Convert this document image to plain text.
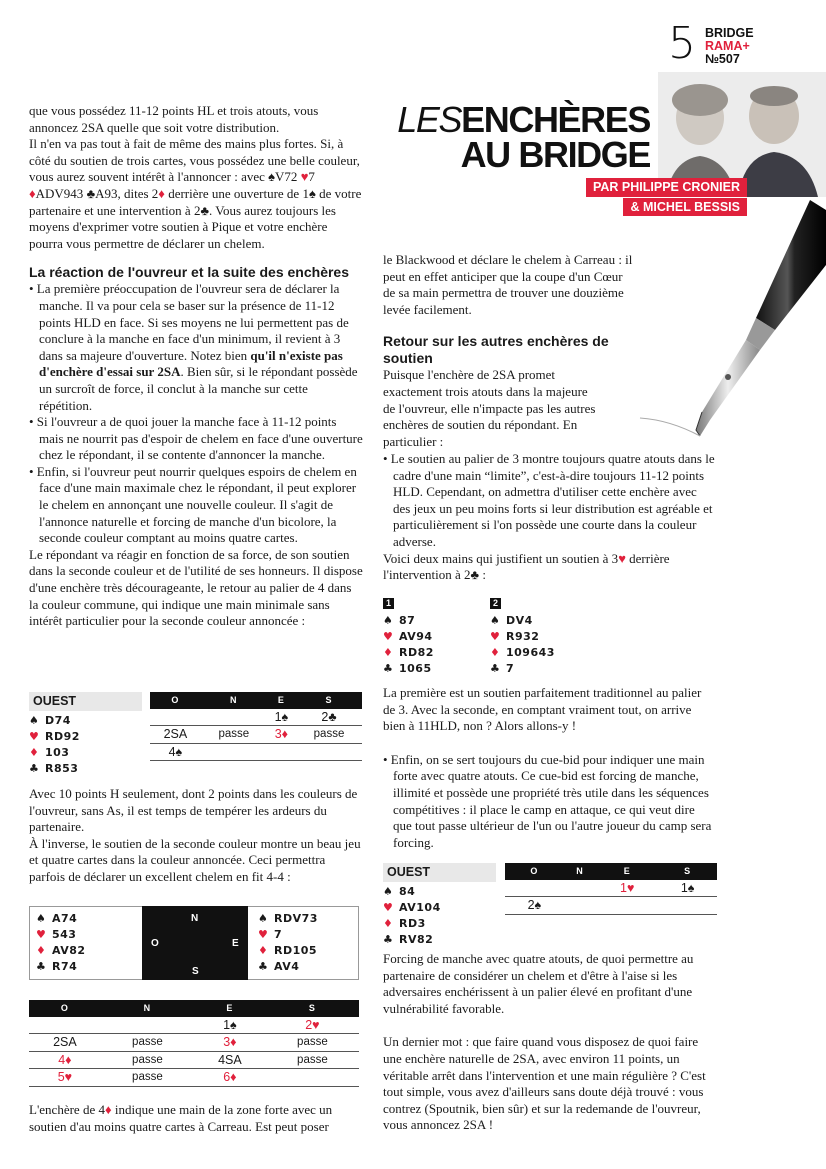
5 BRIDGE
RAMA+
№507
LESENCHÈRES
AU BRIDGE
PAR PHILIPPE CRONIER
& MICHEL BESSIS

que vous possédez 11-12 points HL et trois atouts, vous annoncez 2SA quelle que soit votre distribution.

Il n'en va pas tout à fait de même des mains plus fortes. Si, à côté du soutien de trois cartes, vous possédez une belle couleur, vous aurez souvent intérêt à l'annoncer : avec ♠V72 ♥7 ♦ADV943 ♣A93, dites 2♦ derrière une ouverture de 1♠ de votre partenaire et une intervention à 2♣. Vous aurez toujours les moyens d'exprimer votre soutien à Pique et votre enchère pourra vous permettre de déclarer un chelem.

La réaction de l'ouvreur et la suite des enchères

• La première préoccupation de l'ouvreur sera de déclarer la manche. Il va pour cela se baser sur la présence de 11-12 points HLD en face. Si ses moyens ne lui permettent pas de conclure à la manche en face d'un minimum, il revient à 3 dans sa majeure d'ouverture. Notez bien qu'il n'existe pas d'enchère d'essai sur 2SA. Bien sûr, si le répondant possède un surcroît de force, il conclut à la manche sur cette répétition.

• Si l'ouvreur a de quoi jouer la manche face à 11-12 points mais ne nourrit pas d'espoir de chelem en face d'une ouverture chez le répondant, il se contente d'annoncer la manche.

• Enfin, si l'ouvreur peut nourrir quelques espoirs de chelem en face d'une main maximale chez le répondant, il peut explorer le chelem en annonçant une nouvelle couleur. Il s'agit de l'annonce naturelle et forcing de manche d'un bicolore, la seconde couleur comptant au moins quatre cartes.

Le répondant va réagir en fonction de sa force, de son soutien dans la seconde couleur et de l'utilité de ses honneurs. Il dispose d'une enchère très décourageante, le retour au palier de 4 dans la couleur commune, qui indique une main minimale sans intérêt particulier pour la seconde couleur annoncée :

OUEST
♠ D74
♥ RD92
♦ 103
♣ R853
O	N	E	S
		1♠	2♣
2SA	passe	3♦	passe
4♠			

Avec 10 points H seulement, dont 2 points dans les couleurs de l'ouvreur, sans As, il est temps de tempérer les ardeurs du partenaire.

À l'inverse, le soutien de la seconde couleur montre un beau jeu et quatre cartes dans la couleur annoncée. Ceci permettra parfois de déclarer un excellent chelem en fit 4-4 :

♠ A74
♥ 543
♦ AV82
♣ R74
N
O	E
S
♠ RDV73
♥ 7
♦ RD105
♣ AV4
O	N	E	S
		1♠	2♥
2SA	passe	3♦	passe
4♦	passe	4SA	passe
5♥	passe	6♦	

L'enchère de 4♦ indique une main de la zone forte avec un soutien d'au moins quatre cartes à Carreau. Est peut poser

le Blackwood et déclare le chelem à Carreau : il peut en effet anticiper que la coupe d'un Cœur de sa main permettra de trouver une douzième levée facilement.

Retour sur les autres enchères de soutien

Puisque l'enchère de 2SA promet exactement trois atouts dans la majeure de l'ouvreur, elle n'impacte pas les autres enchères de soutien du répondant. En particulier :

• Le soutien au palier de 3 montre toujours quatre atouts dans le cadre d'une main “limite”, c'est-à-dire toujours 11-12 points HLD. Cependant, on admettra d'utiliser cette enchère avec des jeux un peu moins forts si leur distribution est agréable et particulièrement si l'on possède une courte dans la couleur adverse.

Voici deux mains qui justifient un soutien à 3♥ derrière l'intervention à 2♣ :

1
♠ 87
♥ AV94
♦ RD82
♣ 1065
2
♠ DV4
♥ R932
♦ 109643
♣ 7

La première est un soutien parfaitement traditionnel au palier de 3. Avec la seconde, en comptant vraiment tout, on arrive bien à 11HLD, non ? Alors allons-y !

• Enfin, on se sert toujours du cue-bid pour indiquer une main forte avec quatre atouts. Ce cue-bid est forcing de manche, illimité et possède une propriété très utile dans les séquences compétitives : il place le camp en attaque, ce qui veut dire que tout passe ultérieur de l'un ou l'autre joueur du camp sera forcing.

OUEST
♠ 84
♥ AV104
♦ RD3
♣ RV82
O	N	E	S
		1♥	1♠
2♠			

Forcing de manche avec quatre atouts, de quoi permettre au partenaire de considérer un chelem et d'être à l'aise si les adversaires enchérissent à un palier élevé en profitant d'une vulnérabilité favorable.

Un dernier mot : que faire quand vous disposez de quoi faire une enchère naturelle de 2SA, avec environ 11 points, un véritable arrêt dans l'intervention et une main régulière ? C'est tout simple, vous avez d'ailleurs sans doute déjà trouvé : vous contrez (Spoutnik, bien sûr) et sur la redemande de l'ouvreur, vous annoncez 2SA !
